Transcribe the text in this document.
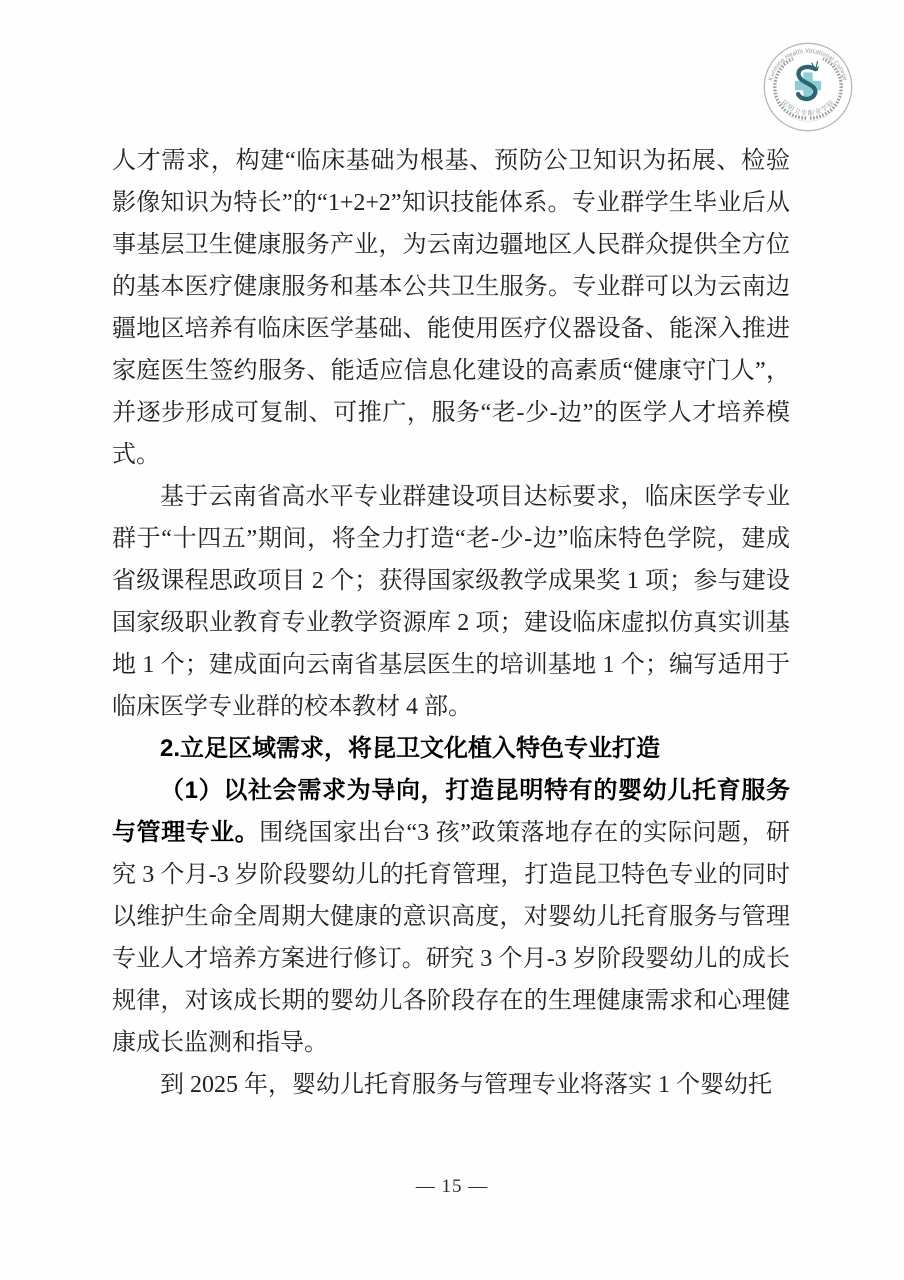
Kunming Health Vocational College
昆明卫生职业学院

人才需求，构建“临床基础为根基、预防公卫知识为拓展、检验影像知识为特长”的“1+2+2”知识技能体系。专业群学生毕业后从事基层卫生健康服务产业，为云南边疆地区人民群众提供全方位的基本医疗健康服务和基本公共卫生服务。专业群可以为云南边疆地区培养有临床医学基础、能使用医疗仪器设备、能深入推进家庭医生签约服务、能适应信息化建设的高素质“健康守门人”，并逐步形成可复制、可推广，服务“老-少-边”的医学人才培养模式。

基于云南省高水平专业群建设项目达标要求，临床医学专业群于“十四五”期间，将全力打造“老-少-边”临床特色学院，建成省级课程思政项目 2 个；获得国家级教学成果奖 1 项；参与建设国家级职业教育专业教学资源库 2 项；建设临床虚拟仿真实训基地 1 个；建成面向云南省基层医生的培训基地 1 个；编写适用于临床医学专业群的校本教材 4 部。

2.立足区域需求，将昆卫文化植入特色专业打造

（1）以社会需求为导向，打造昆明特有的婴幼儿托育服务与管理专业。围绕国家出台“3 孩”政策落地存在的实际问题，研究 3 个月-3 岁阶段婴幼儿的托育管理，打造昆卫特色专业的同时以维护生命全周期大健康的意识高度，对婴幼儿托育服务与管理专业人才培养方案进行修订。研究 3 个月-3 岁阶段婴幼儿的成长规律，对该成长期的婴幼儿各阶段存在的生理健康需求和心理健康成长监测和指导。

到 2025 年，婴幼儿托育服务与管理专业将落实 1 个婴幼托

— 15 —
